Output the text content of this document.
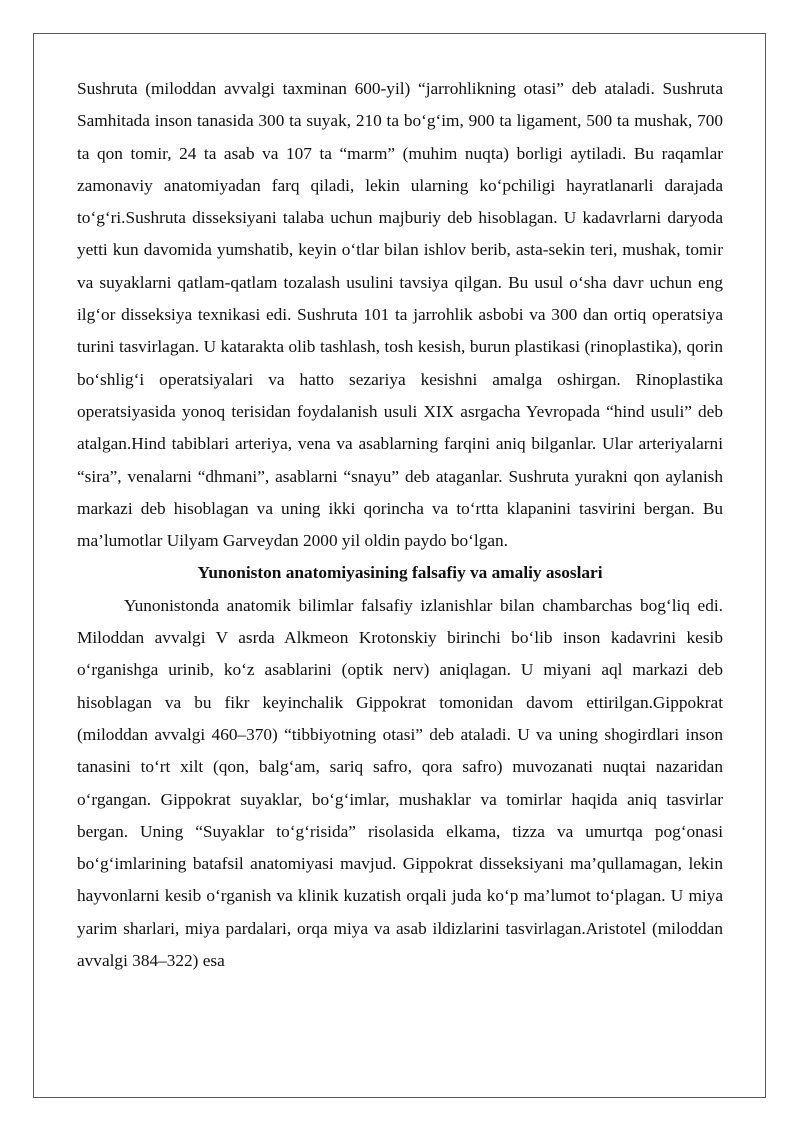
Sushruta (miloddan avvalgi taxminan 600-yil) “jarrohlikning otasi” deb ataladi. Sushruta Samhitada inson tanasida 300 ta suyak, 210 ta bo‘g‘im, 900 ta ligament, 500 ta mushak, 700 ta qon tomir, 24 ta asab va 107 ta “marm” (muhim nuqta) borligi aytiladi. Bu raqamlar zamonaviy anatomiyadan farq qiladi, lekin ularning ko‘pchiligi hayratlanarli darajada to‘g‘ri.Sushruta disseksiyani talaba uchun majburiy deb hisoblagan. U kadavrlarni daryoda yetti kun davomida yumshatib, keyin o‘tlar bilan ishlov berib, asta-sekin teri, mushak, tomir va suyaklarni qatlam-qatlam tozalash usulini tavsiya qilgan. Bu usul o‘sha davr uchun eng ilg‘or disseksiya texnikasi edi. Sushruta 101 ta jarrohlik asbobi va 300 dan ortiq operatsiya turini tasvirlagan. U katarakta olib tashlash, tosh kesish, burun plastikasi (rinoplastika), qorin bo‘shlig‘i operatsiyalari va hatto sezariya kesishni amalga oshirgan. Rinoplastika operatsiyasida yonoq terisidan foydalanish usuli XIX asrgacha Yevropada “hind usuli” deb atalgan.Hind tabiblari arteriya, vena va asablarning farqini aniq bilganlar. Ular arteriyalarni “sira”, venalarni “dhmani”, asablarni “snayu” deb ataganlar. Sushruta yurakni qon aylanish markazi deb hisoblagan va uning ikki qorincha va to‘rtta klapanini tasvirini bergan. Bu ma’lumotlar Uilyam Garveydan 2000 yil oldin paydo bo‘lgan.

Yunoniston anatomiyasining falsafiy va amaliy asoslari

Yunonistonda anatomik bilimlar falsafiy izlanishlar bilan chambarchas bog‘liq edi. Miloddan avvalgi V asrda Alkmeon Krotonskiy birinchi bo‘lib inson kadavrini kesib o‘rganishga urinib, ko‘z asablarini (optik nerv) aniqlagan. U miyani aql markazi deb hisoblagan va bu fikr keyinchalik Gippokrat tomonidan davom ettirilgan.Gippokrat (miloddan avvalgi 460–370) “tibbiyotning otasi” deb ataladi. U va uning shogirdlari inson tanasini to‘rt xilt (qon, balg‘am, sariq safro, qora safro) muvozanati nuqtai nazaridan o‘rgangan. Gippokrat suyaklar, bo‘g‘imlar, mushaklar va tomirlar haqida aniq tasvirlar bergan. Uning “Suyaklar to‘g‘risida” risolasida elkama, tizza va umurtqa pog‘onasi bo‘g‘imlarining batafsil anatomiyasi mavjud. Gippokrat disseksiyani ma’qullamagan, lekin hayvonlarni kesib o‘rganish va klinik kuzatish orqali juda ko‘p ma’lumot to‘plagan. U miya yarim sharlari, miya pardalari, orqa miya va asab ildizlarini tasvirlagan.Aristotel (miloddan avvalgi 384–322) esa
